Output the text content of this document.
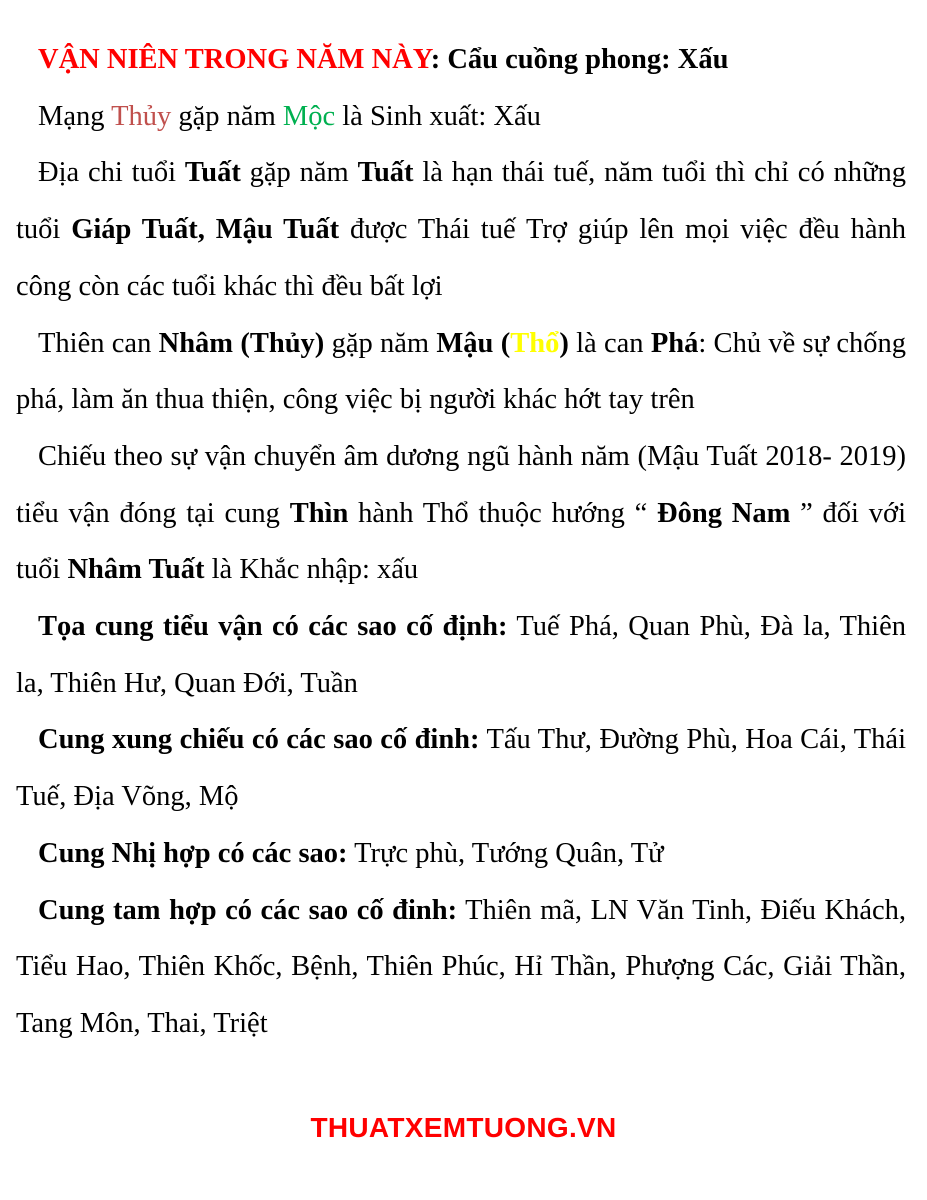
VẬN NIÊN TRONG NĂM NÀY: Cẩu cuồng phong: Xấu

Mạng Thủy gặp năm Mộc là Sinh xuất: Xấu

Địa chi tuổi Tuất gặp năm Tuất là hạn thái tuế, năm tuổi thì chỉ có những tuổi Giáp Tuất, Mậu Tuất được Thái tuế Trợ giúp lên mọi việc đều hành công còn các tuổi khác thì đều bất lợi

Thiên can Nhâm (Thủy) gặp năm Mậu (Thổ) là can Phá: Chủ về sự chống phá, làm ăn thua thiện, công việc bị người khác hớt tay trên

Chiếu theo sự vận chuyển âm dương ngũ hành năm (Mậu Tuất 2018- 2019) tiểu vận đóng tại cung Thìn hành Thổ thuộc hướng “ Đông Nam ” đối với tuổi Nhâm Tuất là Khắc nhập: xấu

Tọa cung tiểu vận có các sao cố định: Tuế Phá, Quan Phù, Đà la, Thiên la, Thiên Hư, Quan Đới, Tuần

Cung xung chiếu có các sao cố đinh: Tấu Thư, Đường Phù, Hoa Cái, Thái Tuế, Địa Võng, Mộ

Cung Nhị hợp có các sao: Trực phù, Tướng Quân, Tử

Cung tam hợp có các sao cố đinh: Thiên mã, LN Văn Tinh, Điếu Khách, Tiểu Hao, Thiên Khốc, Bệnh, Thiên Phúc, Hỉ Thần, Phượng Các, Giải Thần, Tang Môn, Thai, Triệt

THUATXEMTUONG.VN
